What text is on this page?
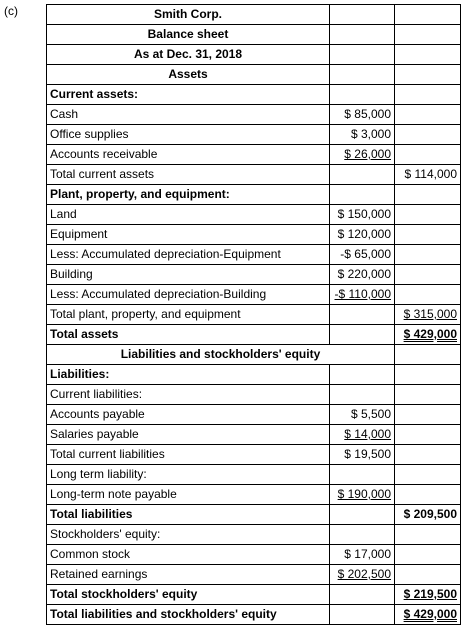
(c)	Smith Corp.		
Balance sheet		
As at Dec. 31, 2018		
Assets		
Current assets:		
Cash	$ 85,000	
Office supplies	$ 3,000	
Accounts receivable	$ 26,000	
Total current assets		$ 114,000
Plant, property, and equipment:		
Land	$ 150,000	
Equipment	$ 120,000	
Less: Accumulated depreciation-Equipment	-$ 65,000	
Building	$ 220,000	
Less: Accumulated depreciation-Building	-$ 110,000	
Total plant, property, and equipment		$ 315,000
Total assets		$ 429,000
Liabilities and stockholders' equity		
Liabilities:		
Current liabilities:		
Accounts payable	$ 5,500	
Salaries payable	$ 14,000	
Total current liabilities	$ 19,500	
Long term liability:		
Long-term note payable	$ 190,000	
Total liabilities		$ 209,500
Stockholders' equity:		
Common stock	$ 17,000	
Retained earnings	$ 202,500	
Total stockholders' equity		$ 219,500
Total liabilities and stockholders' equity		$ 429,000
